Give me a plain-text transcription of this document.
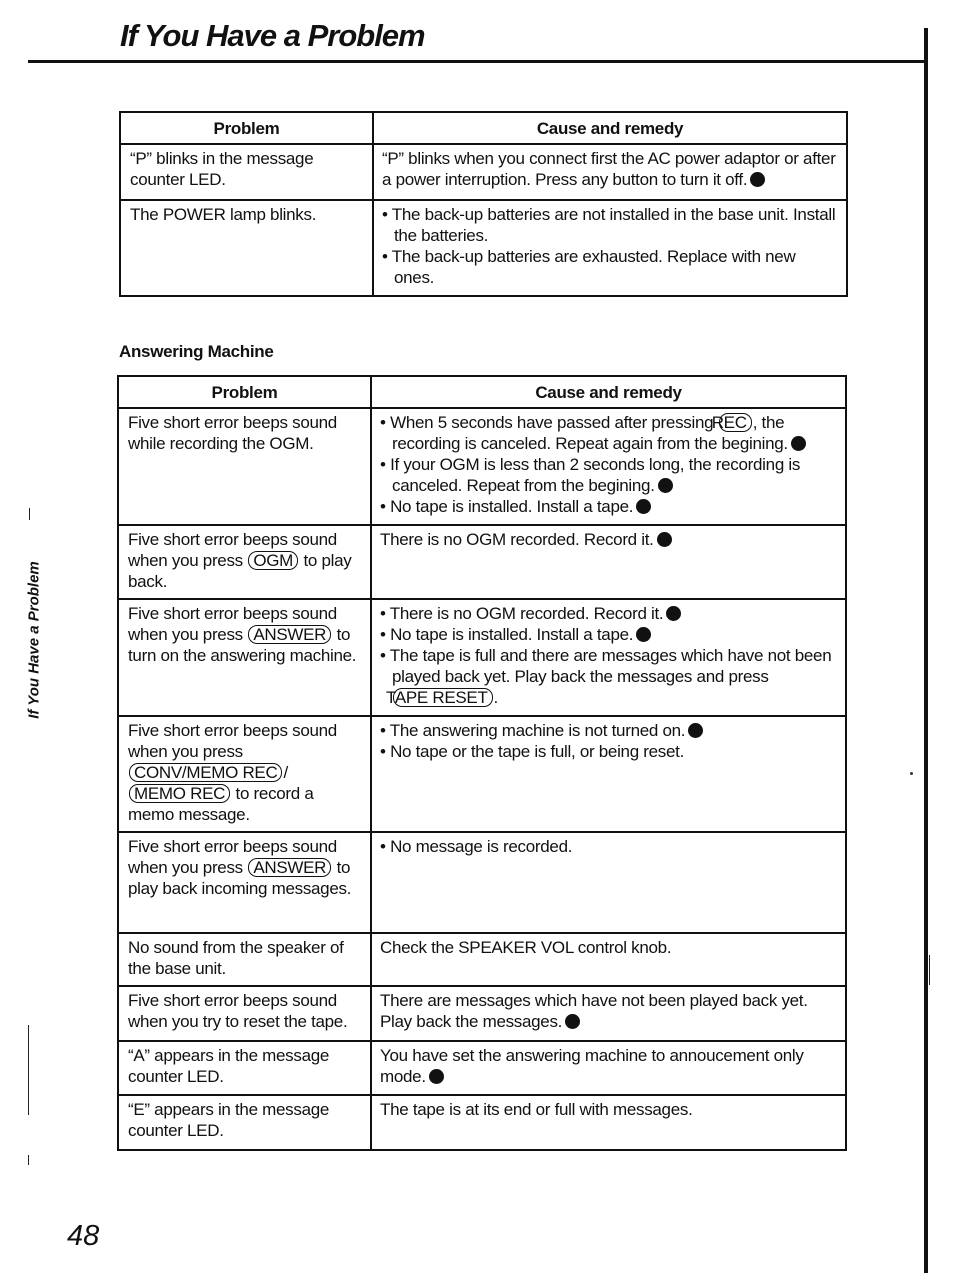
If You Have a Problem
If You Have a Problem
Problem	Cause and remedy
“P” blinks in the message counter LED.	“P” blinks when you connect first the AC power adaptor or after a power interruption. Press any button to turn it off.
The POWER lamp blinks.	• The back-up batteries are not installed in the base unit. Install the batteries.
• The back-up batteries are exhausted. Replace with new ones.
Answering Machine
Problem	Cause and remedy
Five short error beeps sound while recording the OGM.	• When 5 seconds have passed after pressing REC , the recording is canceled. Repeat again from the begining.
• If your OGM is less than 2 seconds long, the recording is canceled. Repeat from the begining.
• No tape is installed. Install a tape.

Five short error beeps sound when you press OGM to play back.	There is no OGM recorded. Record it.
Five short error beeps sound when you press ANSWER to turn on the answering machine.	• There is no OGM recorded. Record it.
• No tape is installed. Install a tape.
• The tape is full and there are messages which have not been played back yet. Play back the messages and press TAPE RESET .

Five short error beeps sound when you press CONV/MEMO REC / MEMO REC to record a memo message.	• The answering machine is not turned on.
• No tape or the tape is full, or being reset.

Five short error beeps sound when you press ANSWER to play back incoming messages.	• No message is recorded.

No sound from the speaker of the base unit.	Check the SPEAKER VOL control knob.
Five short error beeps sound when you try to reset the tape.	There are messages which have not been played back yet. Play back the messages.
“A” appears in the message counter LED.	You have set the answering machine to annoucement only mode.
“E” appears in the message counter LED.	The tape is at its end or full with messages.
48
